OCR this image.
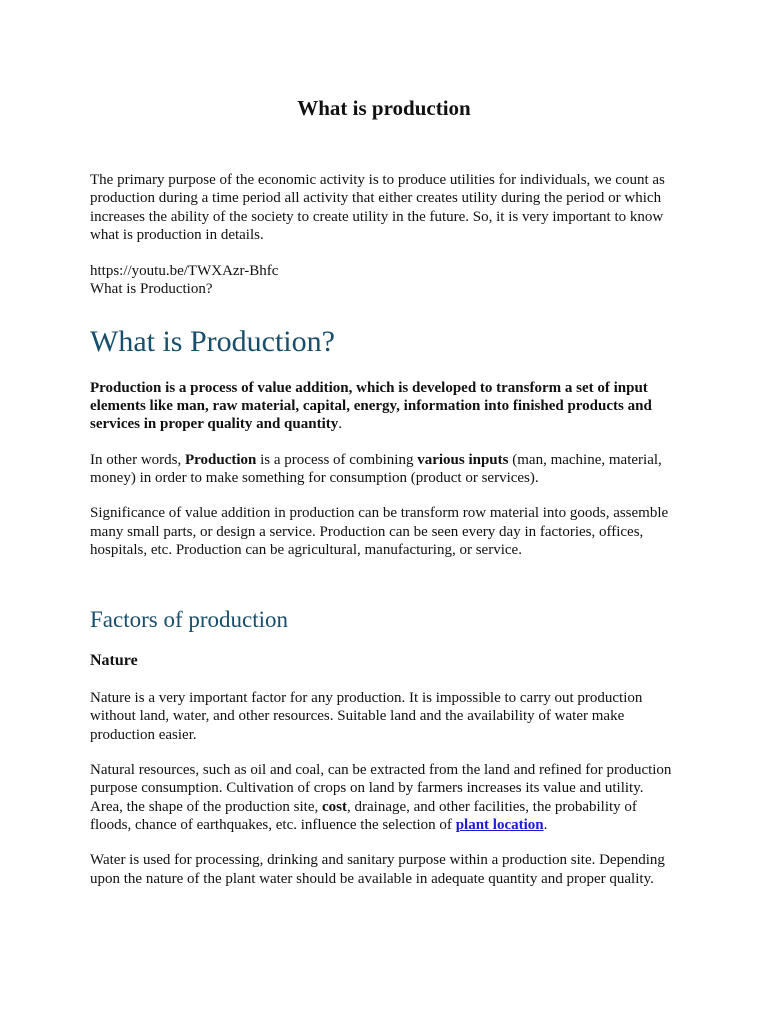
What is production

The primary purpose of the economic activity is to produce utilities for individuals, we count as production during a time period all activity that either creates utility during the period or which increases the ability of the society to create utility in the future. So, it is very important to know what is production in details.

https://youtu.be/TWXAzr-Bhfc
What is Production?

What is Production?

Production is a process of value addition, which is developed to transform a set of input elements like man, raw material, capital, energy, information into finished products and services in proper quality and quantity.

In other words, Production is a process of combining various inputs (man, machine, material, money) in order to make something for consumption (product or services).

Significance of value addition in production can be transform row material into goods, assemble many small parts, or design a service. Production can be seen every day in factories, offices, hospitals, etc. Production can be agricultural, manufacturing, or service.

Factors of production
Nature

Nature is a very important factor for any production. It is impossible to carry out production without land, water, and other resources. Suitable land and the availability of water make production easier.

Natural resources, such as oil and coal, can be extracted from the land and refined for production purpose consumption. Cultivation of crops on land by farmers increases its value and utility. Area, the shape of the production site, cost, drainage, and other facilities, the probability of floods, chance of earthquakes, etc. influence the selection of plant location.

Water is used for processing, drinking and sanitary purpose within a production site. Depending upon the nature of the plant water should be available in adequate quantity and proper quality.
